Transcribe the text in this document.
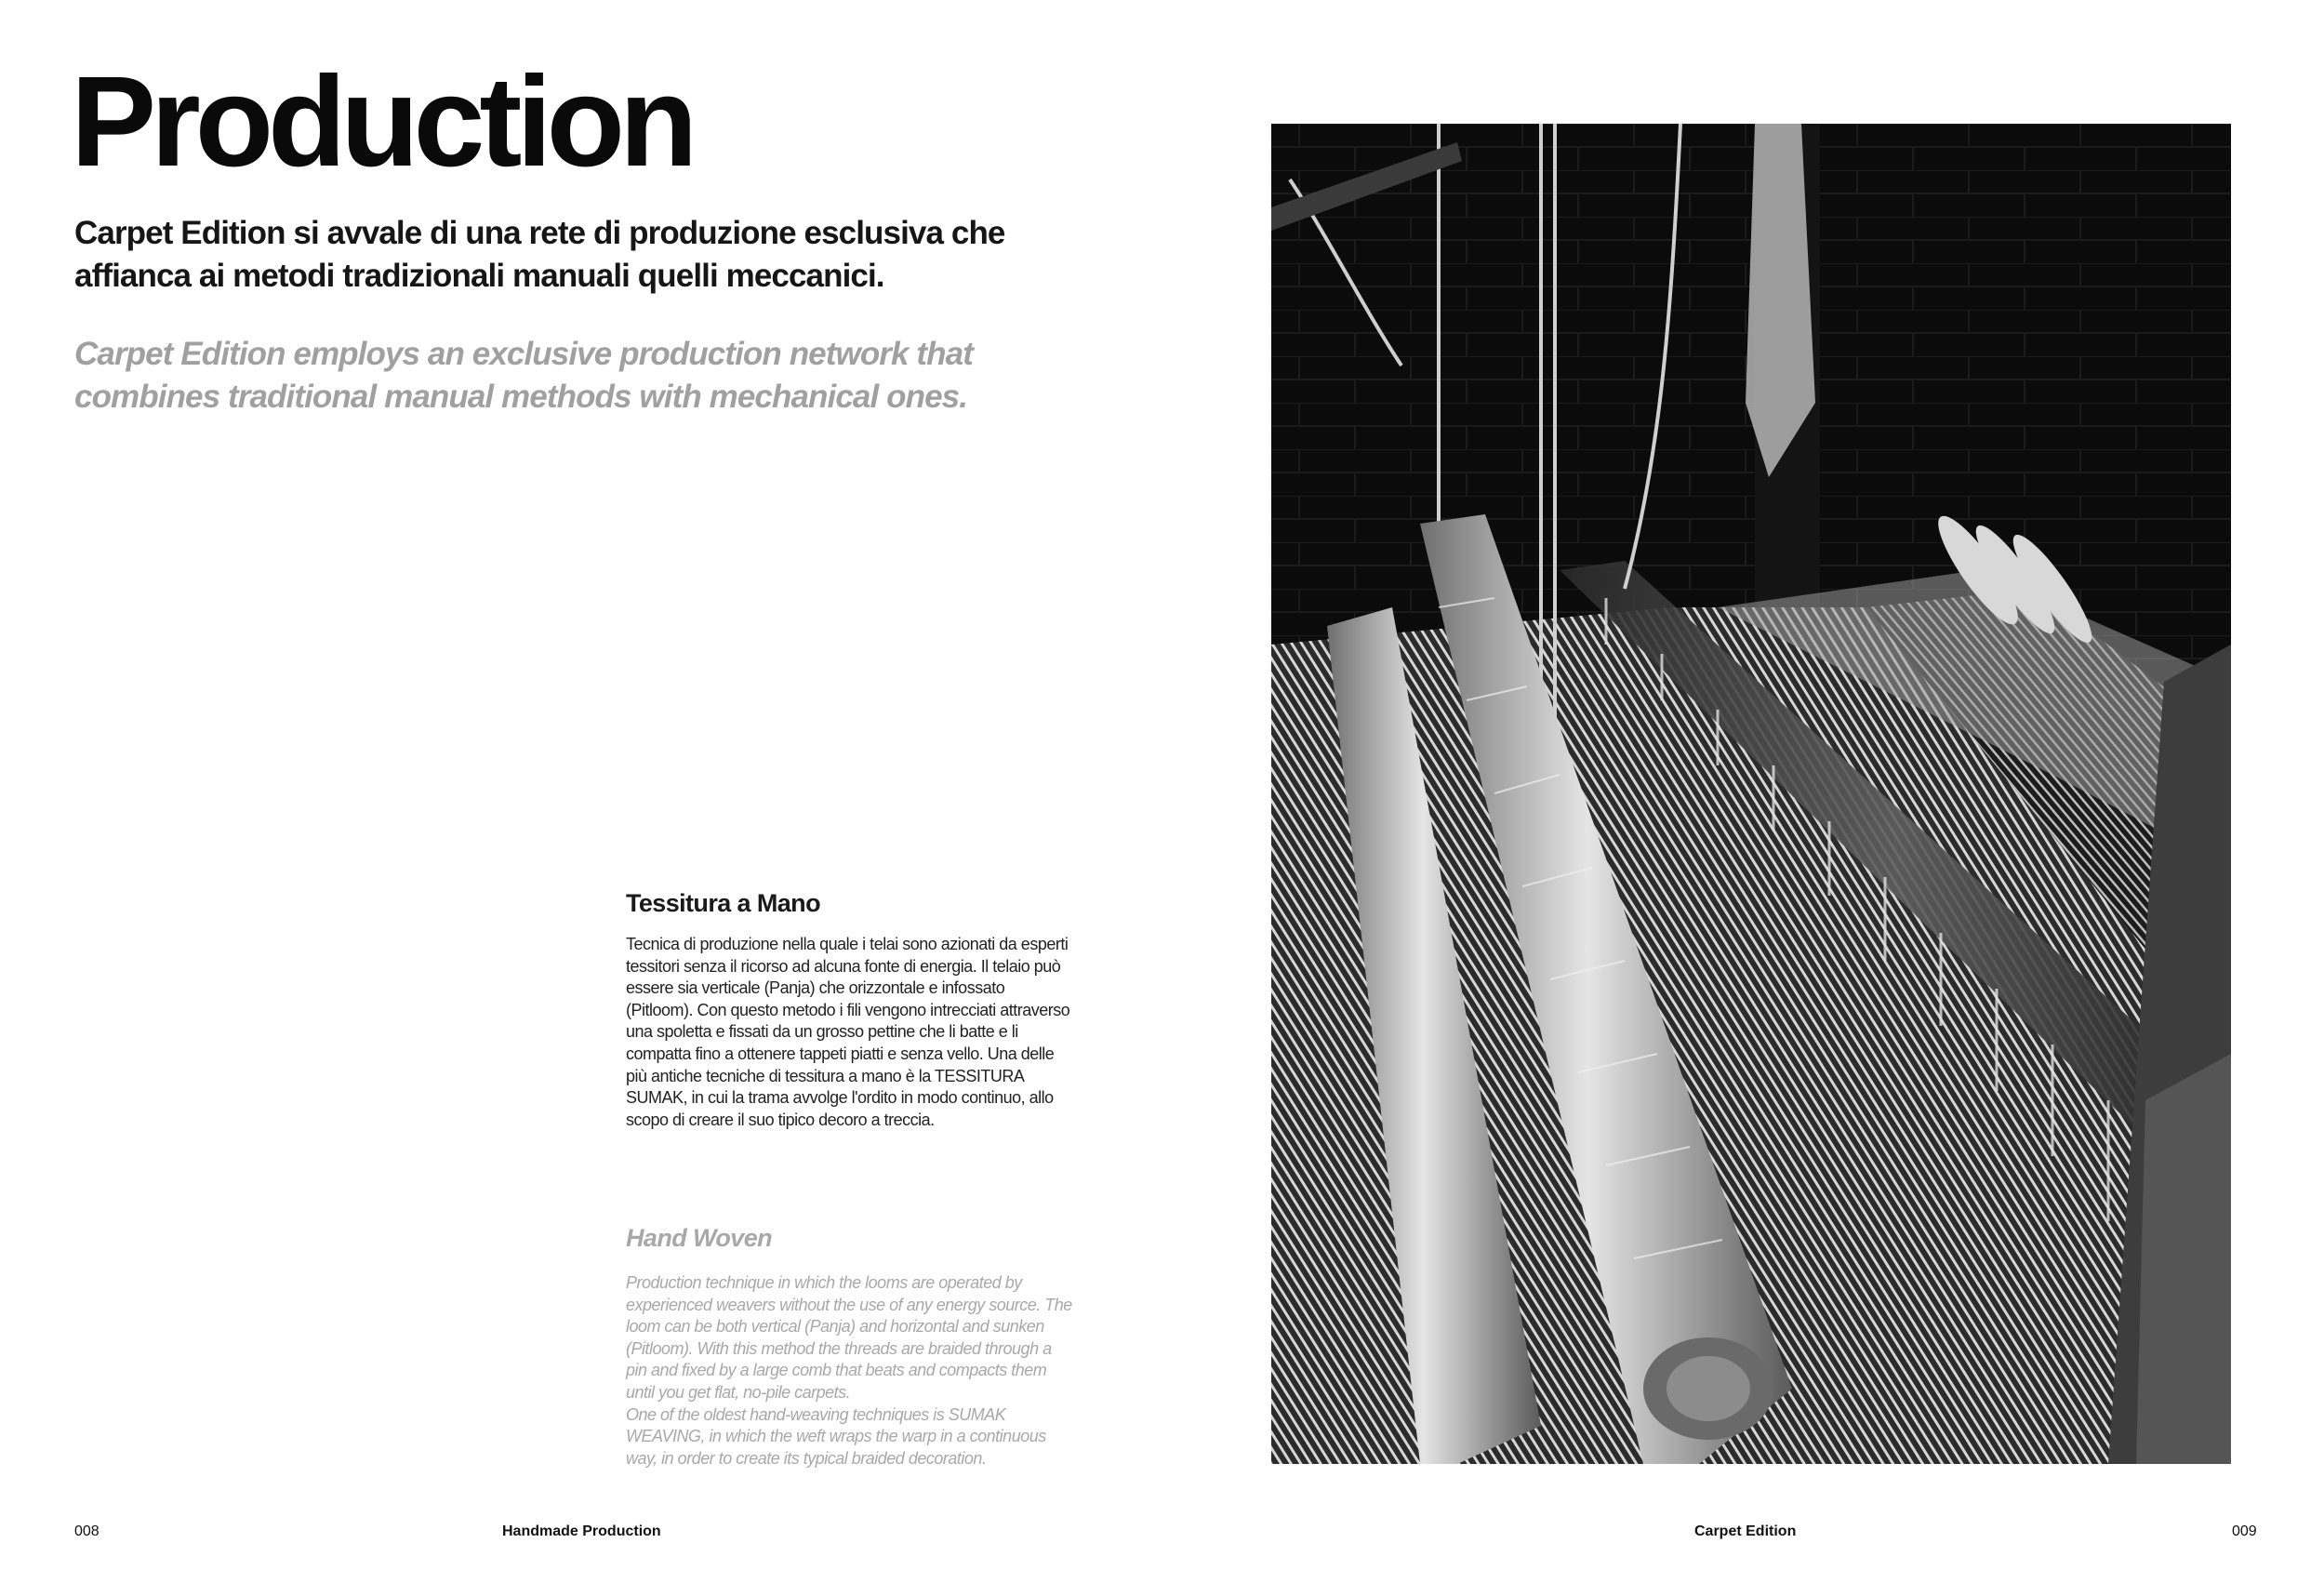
Production

Carpet Edition si avvale di una rete di produzione esclusiva che affianca ai metodi tradizionali manuali quelli meccanici.

Carpet Edition employs an exclusive production network that combines traditional manual methods with mechanical ones.

Tessitura a Mano

Tecnica di produzione nella quale i telai sono azionati da esperti tessitori senza il ricorso ad alcuna fonte di energia. Il telaio può essere sia verticale (Panja) che orizzontale e infossato (Pitloom). Con questo metodo i fili vengono intrecciati attraverso una spoletta e fissati da un grosso pettine che li batte e li compatta fino a ottenere tappeti piatti e senza vello. Una delle più antiche tecniche di tessitura a mano è la TESSITURA SUMAK, in cui la trama avvolge l'ordito in modo continuo, allo scopo di creare il suo tipico decoro a treccia.

Hand Woven

Production technique in which the looms are operated by experienced weavers without the use of any energy source. The loom can be both vertical (Panja) and horizontal and sunken (Pitloom). With this method the threads are braided through a pin and fixed by a large comb that beats and compacts them until you get flat, no-pile carpets.
One of the oldest hand-weaving techniques is SUMAK WEAVING, in which the weft wraps the warp in a continuous way, in order to create its typical braided decoration.

008	Handmade Production	Carpet Edition	009
